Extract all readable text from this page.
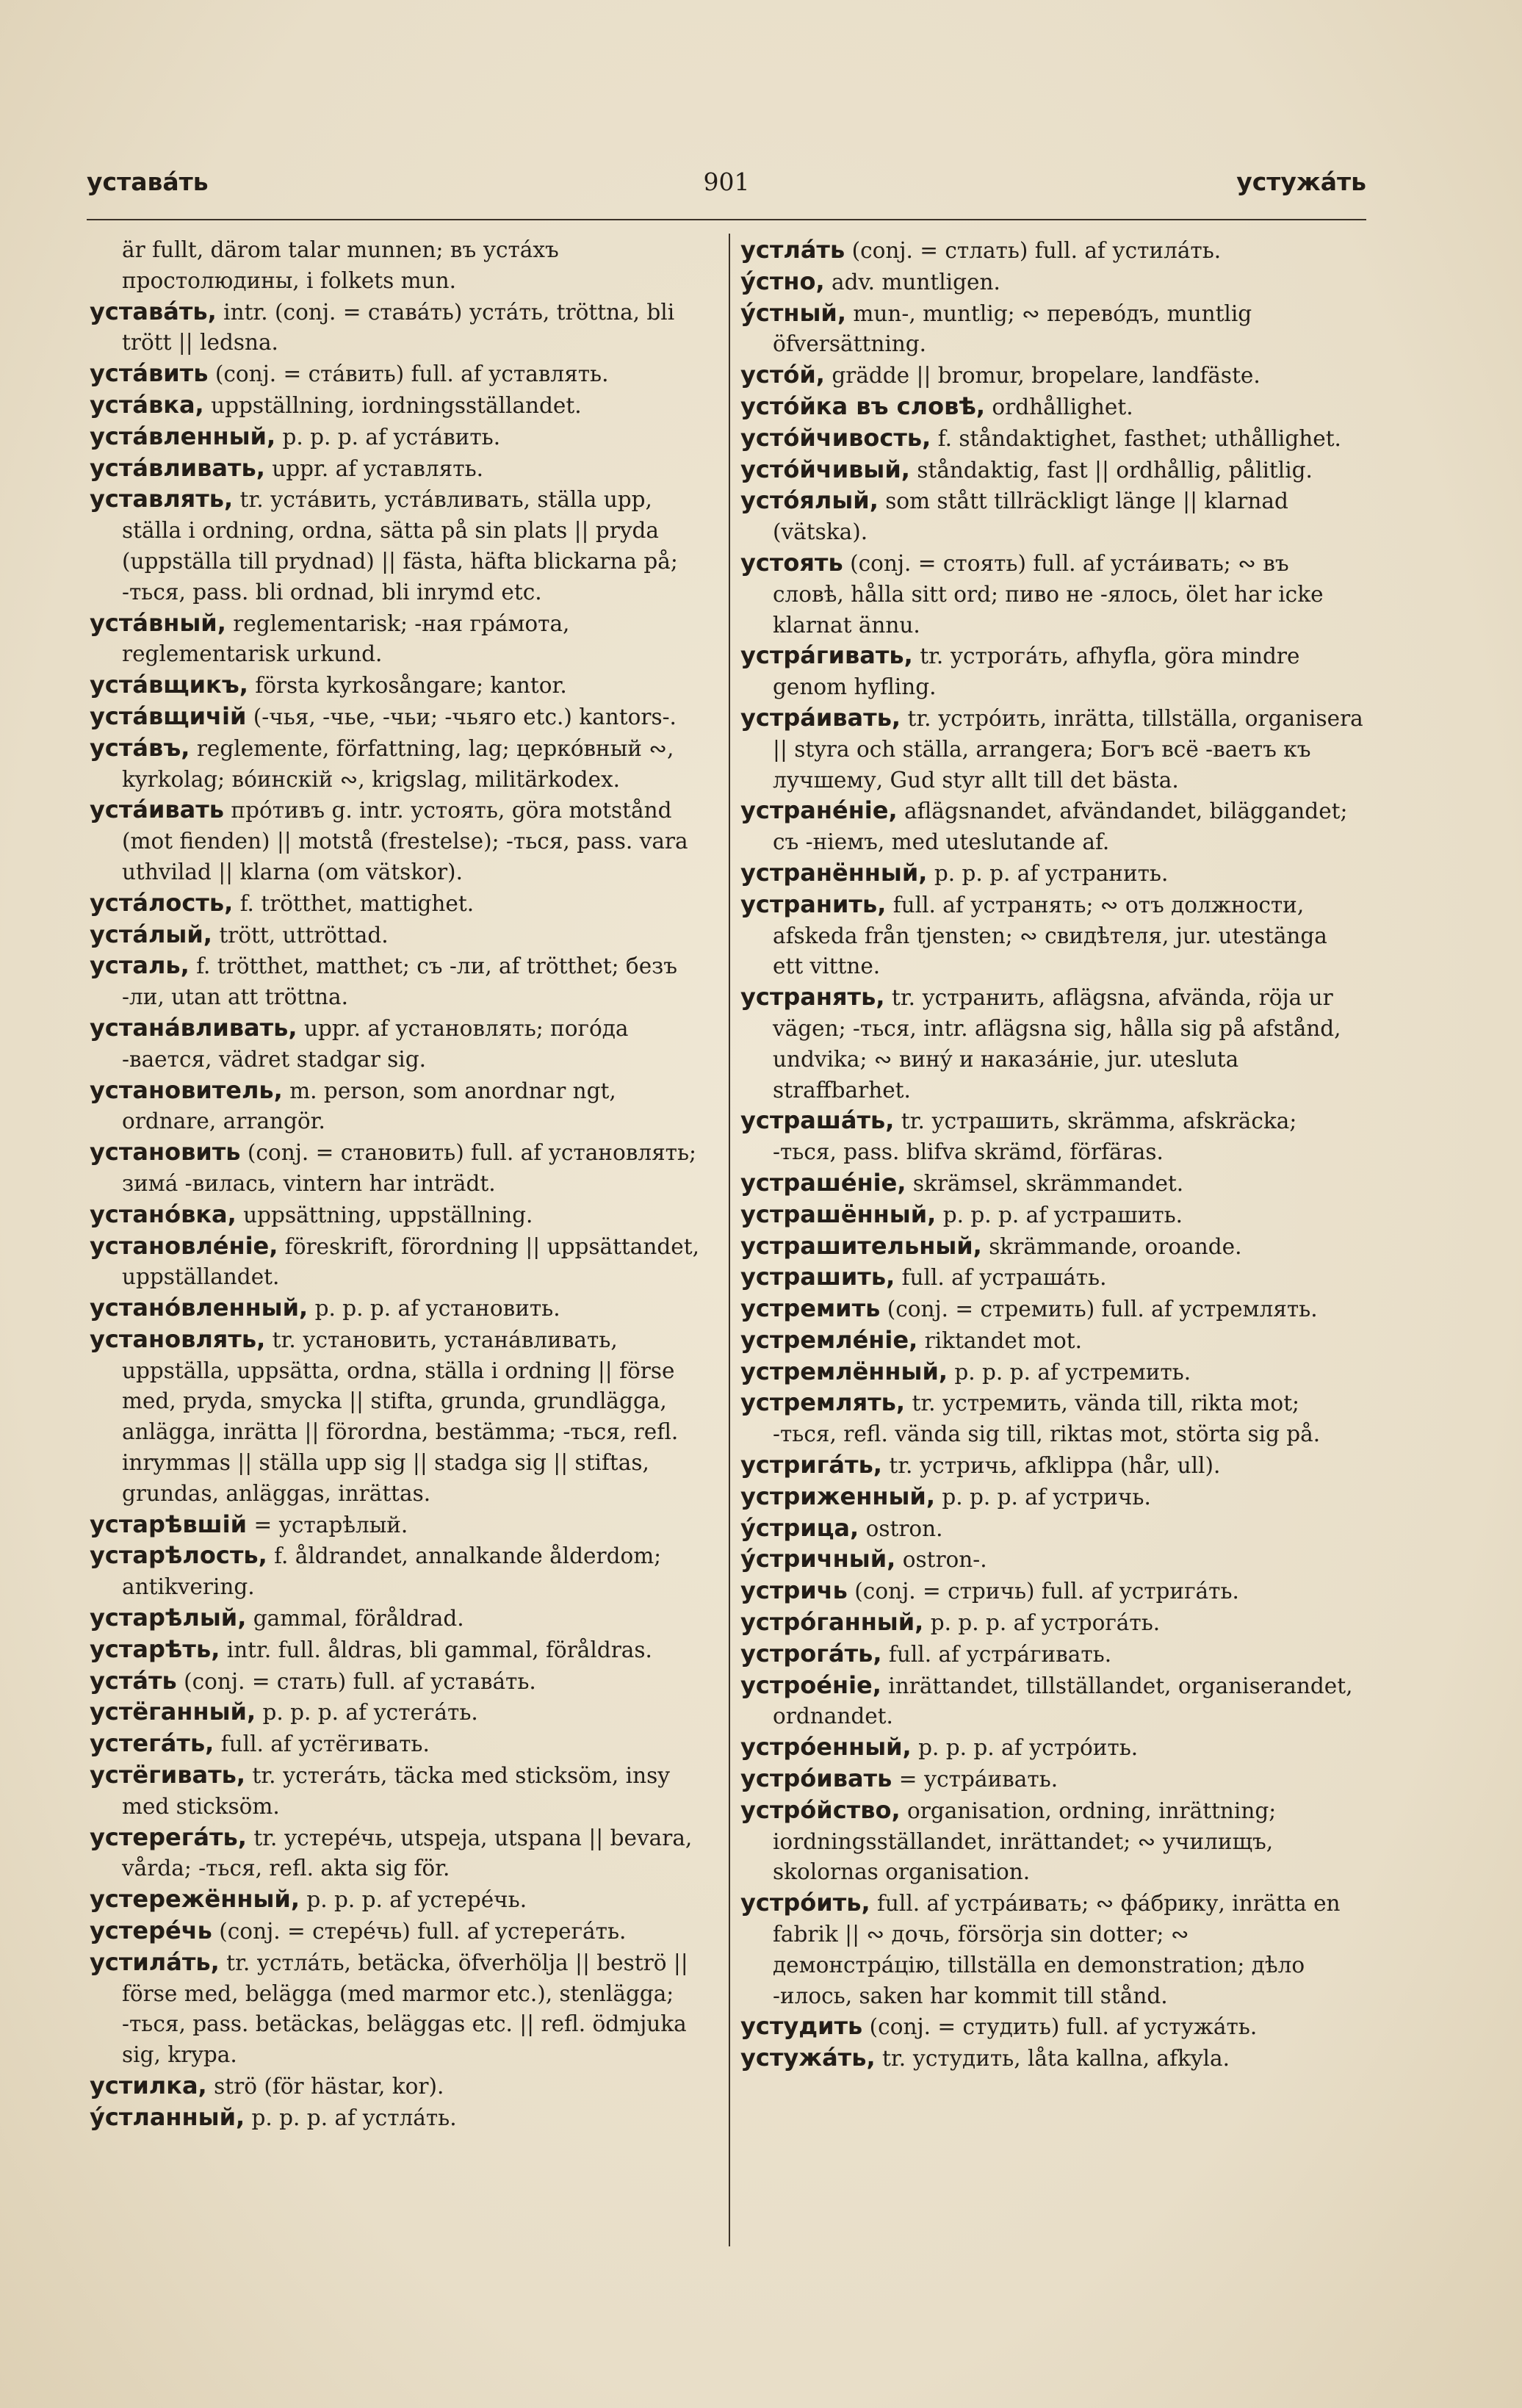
уставáть	901	устужáть
är fullt, därom talar munnen; въ уcтáхъ простолюдины, i folkets mun.
уставáть, intr. (conj. = ставáть) устáть, tröttna, bli trött || ledsna.
устáвить (conj. = стáвить) full. af уставлять.
устáвка, uppställning, iordningsställandet.
устáвленный, p. p. p. af устáвить.
устáвливать, uppr. af уставлять.
уставлять, tr. устáвить, устáвливать, ställa upp, ställa i ordning, ordna, sätta på sin plats || pryda (uppställa till prydnad) || fästa, häfta blickarna på; -ться, pass. bli ordnad, bli inrymd etc.
устáвный, reglementarisk; -ная грáмота, reglementarisk urkund.
устáвщикъ, första kyrkosångare; kantor.
устáвщичій (-чья, -чье, -чьи; -чьяго etc.) kantors-.
устáвъ, reglemente, författning, lag; церкóвный ∾, kyrkolag; вóинскій ∾, krigslag, militärkodex.
устáивать прóтивъ g. intr. устоять, göra motstånd (mot fienden) || motstå (frestelse); -ться, pass. vara uthvilad || klarna (om vätskor).
устáлость, f. trötthet, mattighet.
устáлый, trött, uttröttad.
усталь, f. trötthet, matthet; съ -ли, af trötthet; безъ -ли, utan att tröttna.
устанáвливать, uppr. af установлять; погóда -вается, vädret stadgar sig.
установитель, m. person, som anordnar ngt, ordnare, arrangör.
установить (conj. = становить) full. af установлять; зимá -вилась, vintern har inträdt.
устанóвка, uppsättning, uppställning.
установлéніе, föreskrift, förordning || uppsättandet, uppställandet.
устанóвленный, p. p. p. af установить.
установлять, tr. установить, устанáвливать, uppställa, uppsätta, ordna, ställa i ordning || förse med, pryda, smycka || stifta, grunda, grundlägga, anlägga, inrätta || förordna, bestämma; -ться, refl. inrymmas || ställa upp sig || stadga sig || stiftas, grundas, anläggas, inrättas.
устарѣвшій = устарѣлый.
устарѣлость, f. åldrandet, annalkande ålderdom; antikvering.
устарѣлый, gammal, föråldrad.
устарѣть, intr. full. åldras, bli gammal, föråldras.
устáть (conj. = стать) full. af уставáть.
устёганный, p. p. p. af устегáть.
устегáть, full. af устёгивать.
устёгивать, tr. устегáть, täcka med sticksöm, insy med sticksöm.
устерегáть, tr. устерéчь, utspeja, utspana || bevara, vårda; -ться, refl. akta sig för.
устережённый, p. p. p. af устерéчь.
устерéчь (conj. = стерéчь) full. af устерегáть.
устилáть, tr. устлáть, betäcka, öfverhölja || beströ || förse med, belägga (med marmor etc.), stenlägga; -ться, pass. betäckas, beläggas etc. || refl. ödmjuka sig, krypa.
устилка, strö (för hästar, kor).
ýстланный, p. p. p. af устлáть.
устлáть (conj. = стлать) full. af устилáть.
ýстно, adv. muntligen.
ýстный, mun-, muntlig; ∾ перевóдъ, muntlig öfversättning.
устóй, grädde || bromur, bropelare, landfäste.
устóйка въ словѣ, ordhållighet.
устóйчивость, f. ståndaktighet, fasthet; uthållighet.
устóйчивый, ståndaktig, fast || ordhållig, pålitlig.
устóялый, som stått tillräckligt länge || klarnad (vätska).
устоять (conj. = стоять) full. af устáивать; ∾ въ словѣ, hålla sitt ord; пиво не -ялось, ölet har icke klarnat ännu.
устрáгивать, tr. устрогáть, afhyfla, göra mindre genom hyfling.
устрáивать, tr. устрóить, inrätta, tillställa, organisera || styra och ställa, arrangera; Богъ всё -ваетъ къ лучшему, Gud styr allt till det bästa.
устранéніе, aflägsnandet, afvändandet, biläggandet; съ -ніемъ, med uteslutande af.
устранённый, p. p. p. af устранить.
устранить, full. af устранять; ∾ отъ должности, afskeda från tjensten; ∾ свидѣтеля, jur. utestänga ett vittne.
устранять, tr. устранить, aflägsna, afvända, röja ur vägen; -ться, intr. aflägsna sig, hålla sig på afstånd, undvika; ∾ винý и наказáніе, jur. utesluta straffbarhet.
устрашáть, tr. устрашить, skrämma, afskräcka; -ться, pass. blifva skrämd, förfäras.
устрашéніе, skrämsel, skrämmandet.
устрашённый, p. p. p. af устрашить.
устрашительный, skrämmande, oroande.
устрашить, full. af устрашáть.
устремить (conj. = стремить) full. af устремлять.
устремлéніе, riktandet mot.
устремлённый, p. p. p. af устремить.
устремлять, tr. устремить, vända till, rikta mot; -ться, refl. vända sig till, riktas mot, störta sig på.
устригáть, tr. устричь, afklippa (hår, ull).
устриженный, p. p. p. af устричь.
ýстрица, ostron.
ýстричный, ostron-.
устричь (conj. = стричь) full. af устригáть.
устрóганный, p. p. p. af устрогáть.
устрогáть, full. af устрáгивать.
устроéніе, inrättandet, tillställandet, organiserandet, ordnandet.
устрóенный, p. p. p. af устрóить.
устрóивать = устрáивать.
устрóйство, organisation, ordning, inrättning; iordningsställandet, inrättandet; ∾ училищъ, skolornas organisation.
устрóить, full. af устрáивать; ∾ фáбрику, inrätta en fabrik || ∾ дочь, försörja sin dotter; ∾ демонстрáцію, tillställa en demonstration; дѣло -илось, saken har kommit till stånd.
устудить (conj. = студить) full. af устужáть.
устужáть, tr. устудить, låta kallna, afkyla.
